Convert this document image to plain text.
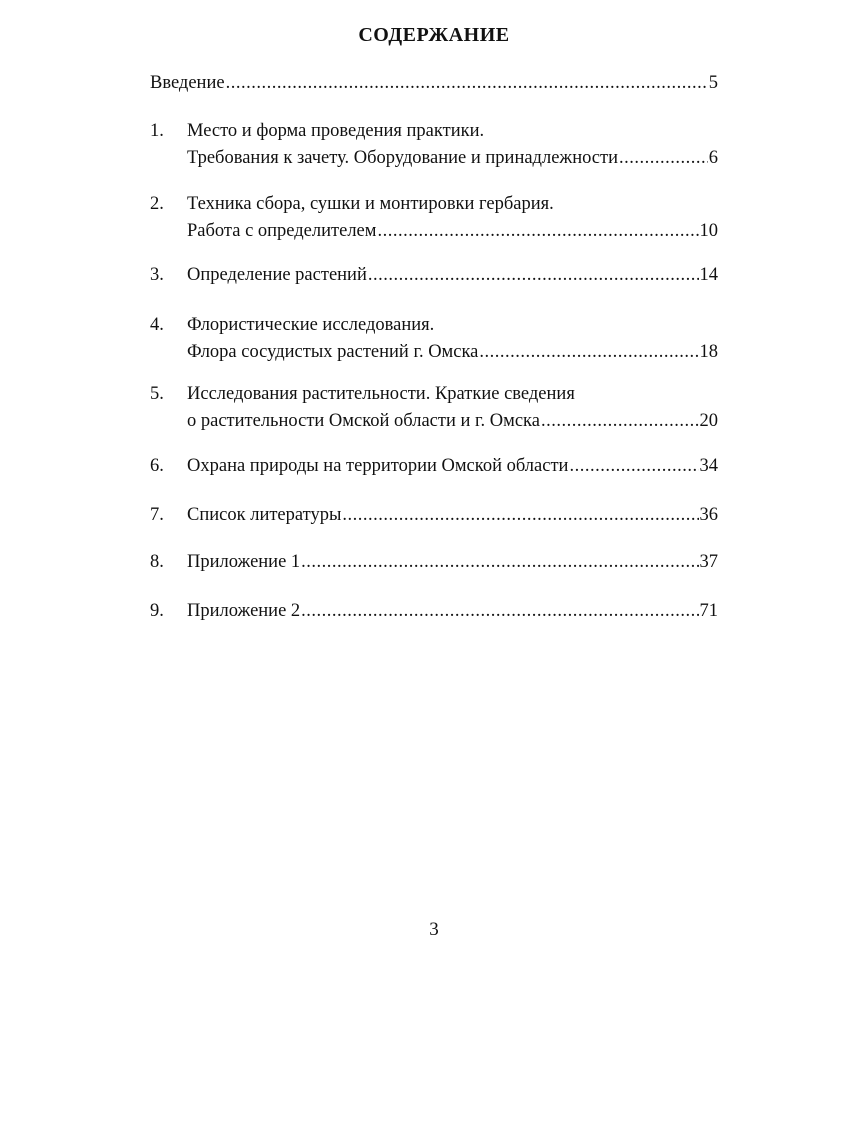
СОДЕРЖАНИЕ
Введение .....	5
1.	Место и форма проведения практики.
Требования к зачету. Оборудование и принадлежности .....	6
2.	Техника сбора, сушки и монтировки гербария.
Работа с определителем .....	10
3.	Определение растений .....	14
4.	Флористические исследования.
Флора сосудистых растений г. Омска .....	18
5.	Исследования растительности. Краткие сведения
о растительности Омской области и г. Омска .....	20
6.	Охрана природы на территории Омской области .....	34
7.	Список литературы .....	36
8.	Приложение 1 .....	37
9.	Приложение 2 .....	71
3
